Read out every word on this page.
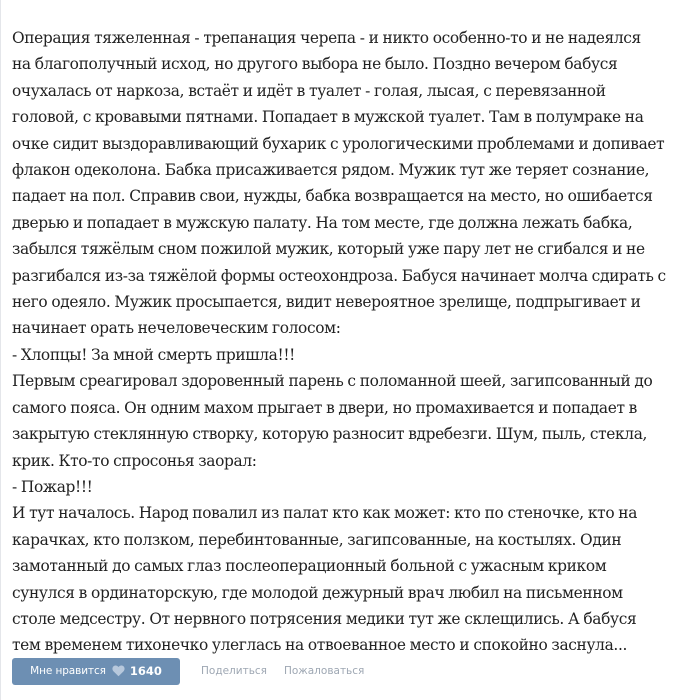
Операция тяжеленная - трепанация черепа - и никто особенно-то и не надеялся
на благополучный исход, но другого выбора не было. Поздно вечером бабуся
очухалась от наркоза, встаёт и идёт в туалет - голая, лысая, с перевязанной
головой, с кровавыми пятнами. Попадает в мужской туалет. Там в полумраке на
очке сидит выздоравливающий бухарик с урологическими проблемами и допивает
флакон одеколона. Бабка присаживается рядом. Мужик тут же теряет сознание,
падает на пол. Справив свои, нужды, бабка возвращается на место, но ошибается
дверью и попадает в мужскую палату. На том месте, где должна лежать бабка,
забылся тяжёлым сном пожилой мужик, который уже пару лет не сгибался и не
разгибался из-за тяжёлой формы остеохондроза. Бабуся начинает молча сдирать с
него одеяло. Мужик просыпается, видит невероятное зрелище, подпрыгивает и
начинает орать нечеловеческим голосом:
- Хлопцы! За мной смерть пришла!!!
Первым среагировал здоровенный парень с поломанной шеей, загипсованный до
самого пояса. Он одним махом прыгает в двери, но промахивается и попадает в
закрытую стеклянную створку, которую разносит вдребезги. Шум, пыль, стекла,
крик. Кто-то спросонья заорал:
- Пожар!!!
И тут началось. Народ повалил из палат кто как может: кто по стеночке, кто на
карачках, кто ползком, перебинтованные, загипсованные, на костылях. Один
замотанный до самых глаз послеоперационный больной с ужасным криком
сунулся в ординаторскую, где молодой дежурный врач любил на письменном
столе медсестру. От нервного потрясения медики тут же склещились. А бабуся
тем временем тихонечко улеглась на отвоеванное место и спокойно заснула...
Мне нравится 1640	Поделиться Пожаловаться
